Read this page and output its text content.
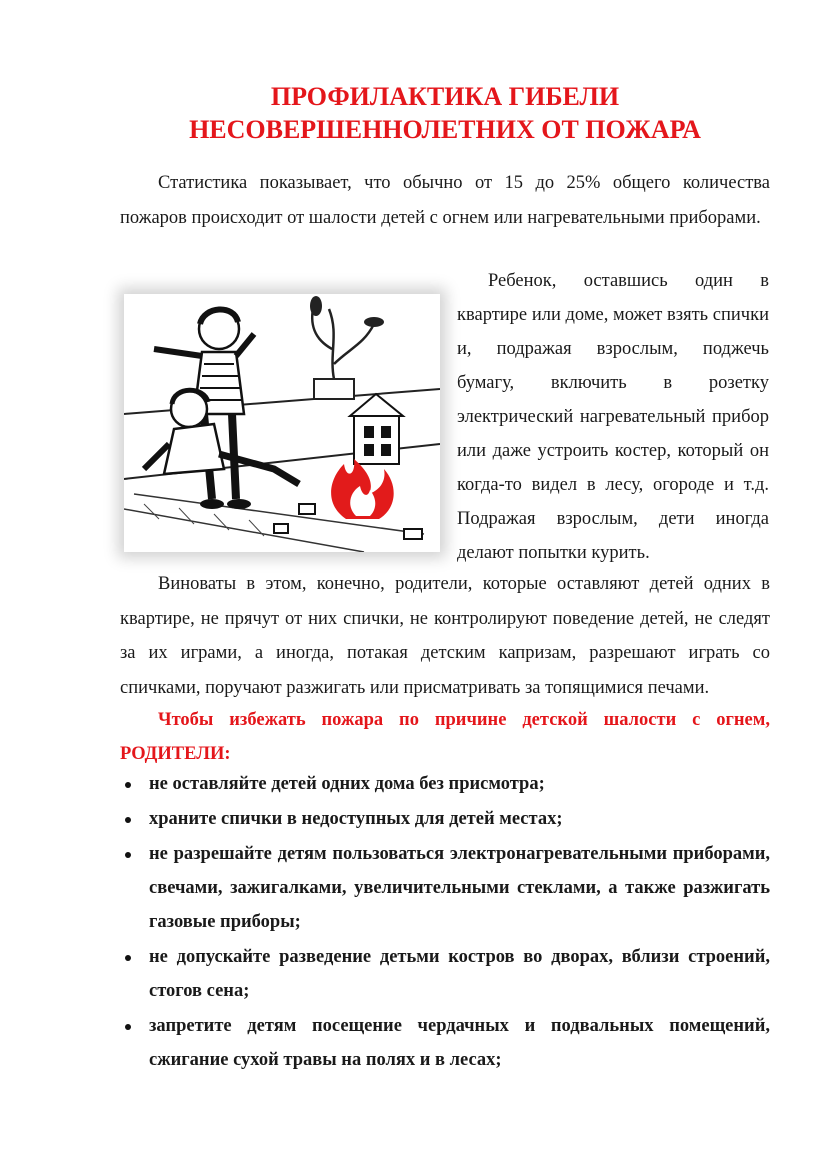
ПРОФИЛАКТИКА ГИБЕЛИ
НЕСОВЕРШЕННОЛЕТНИХ ОТ ПОЖАРА

Статистика показывает, что обычно от 15 до 25% общего количества пожаров происходит от шалости детей с огнем или нагревательными приборами.

Ребенок, оставшись один в квартире или доме, может взять спички и, подражая взрослым, поджечь бумагу, включить в розетку электрический нагревательный прибор или даже устроить костер, который он когда-то видел в лесу, огороде и т.д. Подражая взрослым, дети иногда делают попытки курить.

Виноваты в этом, конечно, родители, которые оставляют детей одних в квартире, не прячут от них спички, не контролируют поведение детей, не следят за их играми, а иногда, потакая детским капризам, разрешают играть со спичками, поручают разжигать или присматривать за топящимися печами.

Чтобы избежать пожара по причине детской шалости с огнем, РОДИТЕЛИ:

не оставляйте детей одних дома без присмотра;
храните спички в недоступных для детей местах;
не разрешайте детям пользоваться электронагревательными приборами, свечами, зажигалками, увеличительными стеклами, а также разжигать газовые приборы;
не допускайте разведение детьми костров во дворах, вблизи строений, стогов сена;
запретите детям посещение чердачных и подвальных помещений, сжигание сухой травы на полях и в лесах;
